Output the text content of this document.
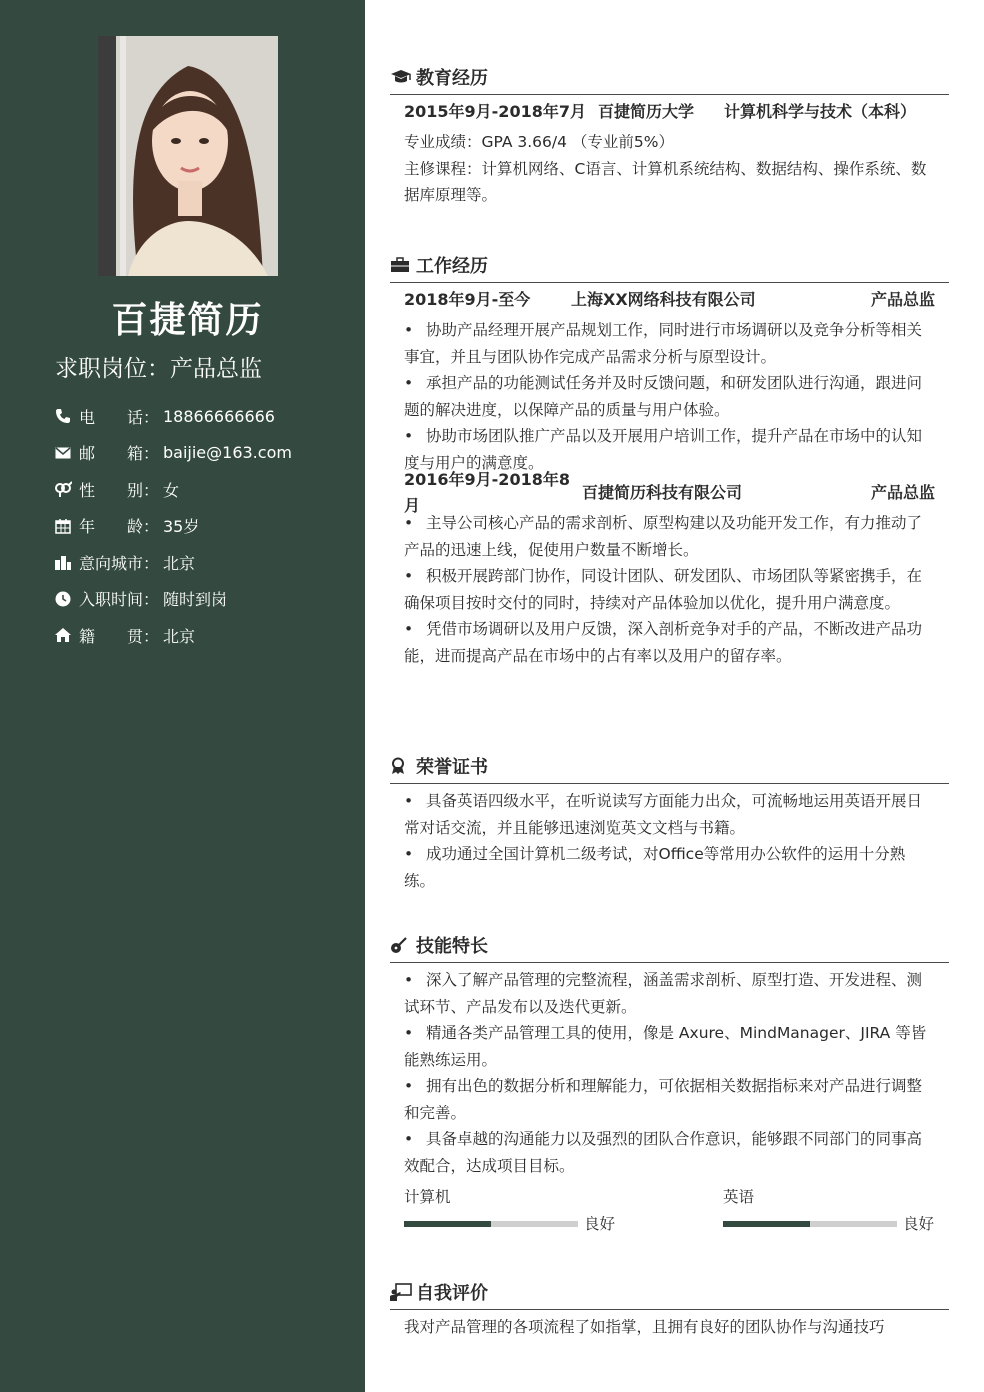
百捷简历
求职岗位：产品总监
电　　话： 18866666666
邮　　箱： baijie@163.com
性　　别： 女
年　　龄： 35岁
意向城市： 北京
入职时间： 随时到岗
籍　　贯： 北京
教育经历
2015年9月-2018年7月 百捷简历大学	计算机科学与技术（本科）
专业成绩：GPA 3.66/4 （专业前5%）
主修课程：计算机网络、C语言、计算机系统结构、数据结构、操作系统、数据库原理等。
工作经历
2018年9月-至今	上海XX网络科技有限公司	产品总监
• 协助产品经理开展产品规划工作，同时进行市场调研以及竞争分析等相关事宜，并且与团队协作完成产品需求分析与原型设计。
• 承担产品的功能测试任务并及时反馈问题，和研发团队进行沟通，跟进问题的解决进度，以保障产品的质量与用户体验。
• 协助市场团队推广产品以及开展用户培训工作，提升产品在市场中的认知度与用户的满意度。
2016年9月-2018年8月
百捷简历科技有限公司	产品总监
• 主导公司核心产品的需求剖析、原型构建以及功能开发工作，有力推动了产品的迅速上线，促使用户数量不断增长。
• 积极开展跨部门协作，同设计团队、研发团队、市场团队等紧密携手，在确保项目按时交付的同时，持续对产品体验加以优化，提升用户满意度。
• 凭借市场调研以及用户反馈，深入剖析竞争对手的产品，不断改进产品功能，进而提高产品在市场中的占有率以及用户的留存率。
荣誉证书
• 具备英语四级水平，在听说读写方面能力出众，可流畅地运用英语开展日常对话交流，并且能够迅速浏览英文文档与书籍。
• 成功通过全国计算机二级考试，对Office等常用办公软件的运用十分熟练。
技能特长
• 深入了解产品管理的完整流程，涵盖需求剖析、原型打造、开发进程、测试环节、产品发布以及迭代更新。
• 精通各类产品管理工具的使用，像是 Axure、MindManager、JIRA 等皆能熟练运用。
• 拥有出色的数据分析和理解能力，可依据相关数据指标来对产品进行调整和完善。
• 具备卓越的沟通能力以及强烈的团队合作意识，能够跟不同部门的同事高效配合，达成项目目标。
计算机
良好
英语
良好
自我评价
我对产品管理的各项流程了如指掌，且拥有良好的团队协作与沟通技巧
